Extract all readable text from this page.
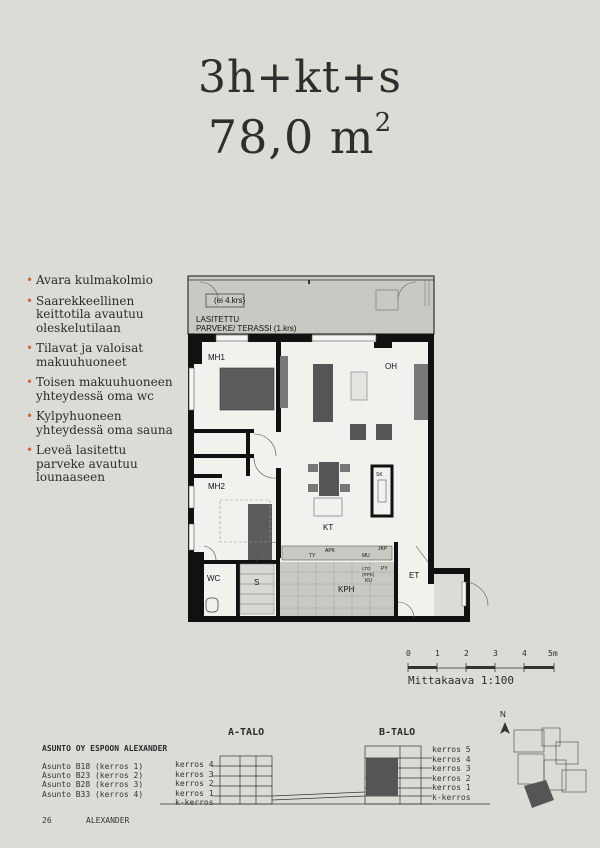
3h+kt+s
78,0 $m^2$
• Avara kulmakolmio
• Saarekkeellinen keittotila avautuu oleskelutilaan
• Tilavat ja valoisat makuuhuoneet
• Toisen makuuhuoneen yhteydessä oma wc
• Kylpyhuoneen yhteydessä oma sauna
• Leveä lasitettu parveke avautuu lounaaseen
(ei 4.krs)
LASITETTU
PARVEKE/ TERASSI (1.krs)
MH1
OH
MH2
KT
SK
APK
TY	MU
JKP
LTO
(RPK)
PY
KU
WC	S
KPH
ET
0	1	2	3	4	5m
Mittakaava 1:100
ASUNTO OY ESPOON ALEXANDER
Asunto B18 (kerros 1)
Asunto B23 (kerros 2)
Asunto B28 (kerros 3)
Asunto B33 (kerros 4)
A-TALO	B-TALO
kerros 4
kerros 3
kerros 2
kerros 1
k-kerros
kerros 5
kerros 4
kerros 3
kerros 2
kerros 1
k-kerros
N
26	ALEXANDER
